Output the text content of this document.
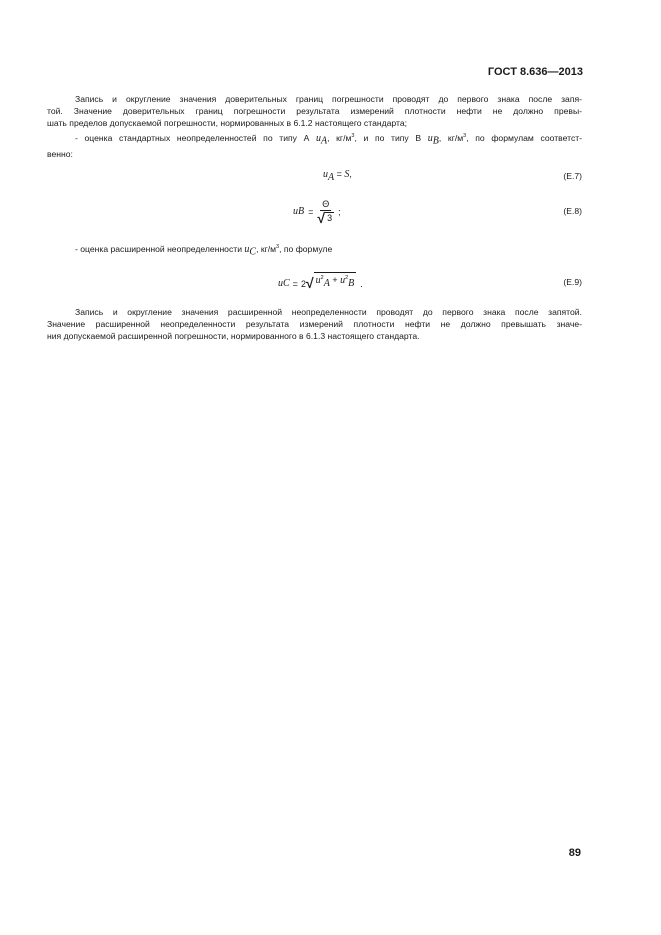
ГОСТ 8.636—2013
Запись и округление значения доверительных границ погрешности проводят до первого знака после запя-
той. Значение доверительных границ погрешности результата измерений плотности нефти не должно превы-
шать пределов допускаемой погрешности, нормированных в 6.1.2 настоящего стандарта;
- оценка стандартных неопределенностей по типу А $u_A$, $кг/м^3$, и по типу В $u_B$, $кг/м^3$, по формулам соответст-
венно:
$u_A = S$,	(Е.7)
u $B = \frac{\Theta}{√ 3}$ ;	(Е.8)
- оценка расширенной неопределенности $u_C$, $кг/м^3$, по формуле
u C = 2 √ $u^2_A + u^2_B$ .	(Е.9)
Запись и округление значения расширенной неопределенности проводят до первого знака после запятой.
Значение расширенной неопределенности результата измерений плотности нефти не должно превышать значе-
ния допускаемой расширенной погрешности, нормированного в 6.1.3 настоящего стандарта.
89
